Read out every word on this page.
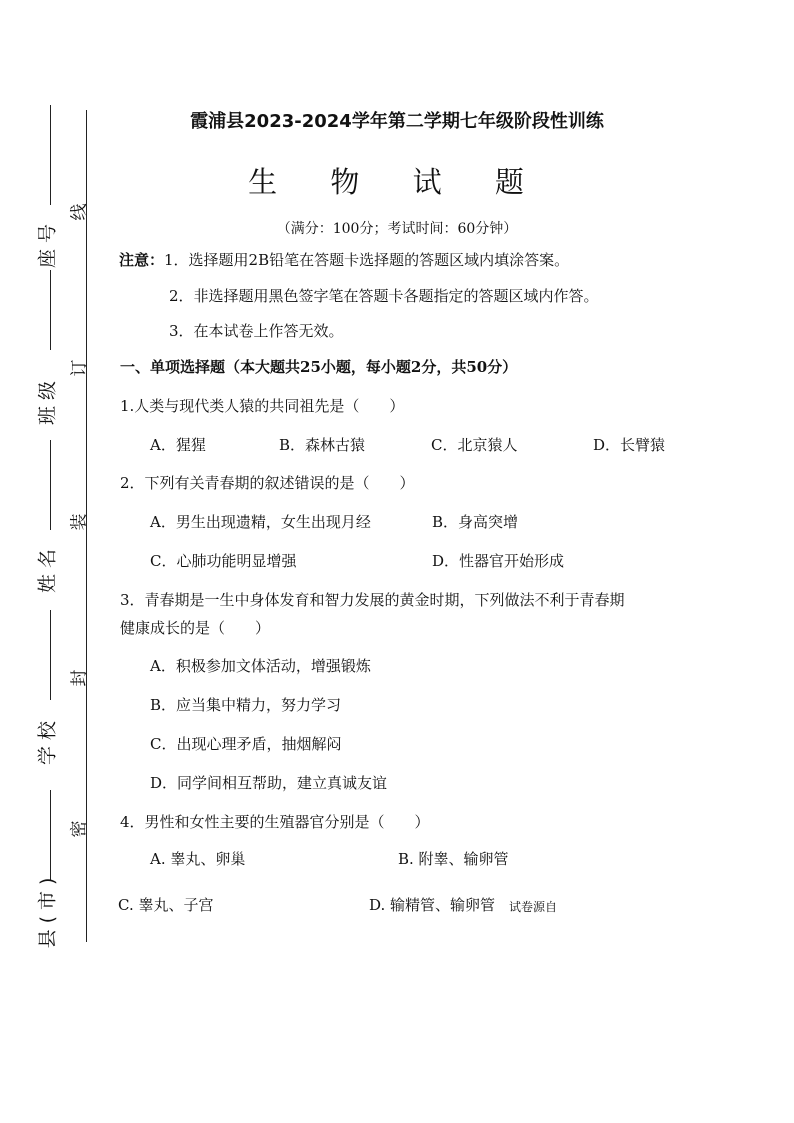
座号
班级
姓名
学校
县(市)
线
订
装
封
密
霞浦县2023-2024学年第二学期七年级阶段性训练
生 物 试 题
（满分：100分；考试时间：60分钟）
注意： 1．选择题用2B铅笔在答题卡选择题的答题区域内填涂答案。
2．非选择题用黑色签字笔在答题卡各题指定的答题区域内作答。
3．在本试卷上作答无效。
一、单项选择题（本大题共25小题，每小题2分，共50分）
1.人类与现代类人猿的共同祖先是（　　）
A．猩猩	B．森林古猿	C．北京猿人	D．长臂猿
2．下列有关青春期的叙述错误的是（　　）
A．男生出现遗精，女生出现月经	B．身高突增
C．心肺功能明显增强	D．性器官开始形成
3．青春期是一生中身体发育和智力发展的黄金时期，下列做法不利于青春期
健康成长的是（　　）
A．积极参加文体活动，增强锻炼
B．应当集中精力，努力学习
C．出现心理矛盾，抽烟解闷
D．同学间相互帮助，建立真诚友谊
4．男性和女性主要的生殖器官分别是（　　）
A. 睾丸、卵巢	B. 附睾、输卵管
C. 睾丸、子宫	D. 输精管、输卵管 试卷源自
